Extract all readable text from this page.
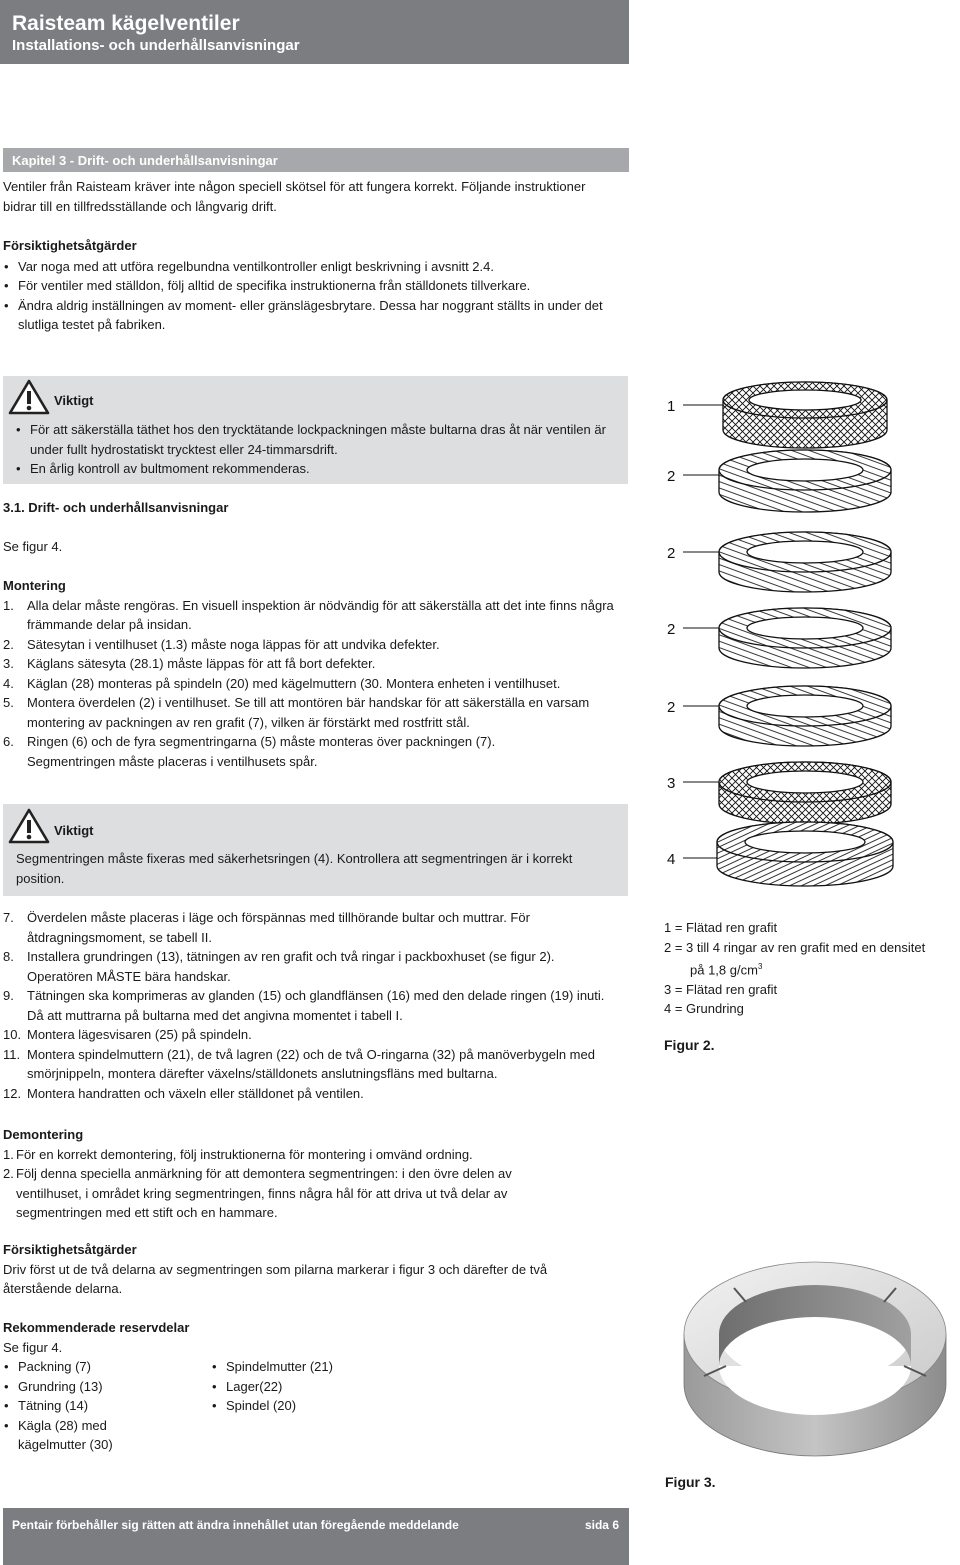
Raisteam kägelventiler
Installations- och underhållsanvisningar
Kapitel 3 - Drift- och underhållsanvisningar
Ventiler från Raisteam kräver inte någon speciell skötsel för att fungera korrekt. Följande instruktioner bidrar till en tillfredsställande och långvarig drift.
Försiktighetsåtgärder
• Var noga med att utföra regelbundna ventilkontroller enligt beskrivning i avsnitt 2.4.
• För ventiler med ställdon, följ alltid de specifika instruktionerna från ställdonets tillverkare.
• Ändra aldrig inställningen av moment- eller gränslägesbrytare. Dessa har noggrant ställts in under det slutliga testet på fabriken.
Viktigt
• För att säkerställa täthet hos den trycktätande lockpackningen måste bultarna dras åt när ventilen är under fullt hydrostatiskt trycktest eller 24-timmarsdrift.
• En årlig kontroll av bultmoment rekommenderas.
3.1. Drift- och underhållsanvisningar
Se figur 4.
Montering
1. Alla delar måste rengöras. En visuell inspektion är nödvändig för att säkerställa att det inte finns några främmande delar på insidan.
2. Sätesytan i ventilhuset (1.3) måste noga läppas för att undvika defekter.
3. Käglans sätesyta (28.1) måste läppas för att få bort defekter.
4. Käglan (28) monteras på spindeln (20) med kägelmuttern (30. Montera enheten i ventilhuset.
5. Montera överdelen (2) i ventilhuset. Se till att montören bär handskar för att säkerställa en varsam montering av packningen av ren grafit (7), vilken är förstärkt med rostfritt stål.
6. Ringen (6) och de fyra segmentringarna (5) måste monteras över packningen (7). Segmentringen måste placeras i ventilhusets spår.
Viktigt
Segmentringen måste fixeras med säkerhetsringen (4). Kontrollera att segmentringen är i korrekt position.
7. Överdelen måste placeras i läge och förspännas med tillhörande bultar och muttrar. För åtdragningsmoment, se tabell II.
8. Installera grundringen (13), tätningen av ren grafit och två ringar i packboxhuset (se figur 2). Operatören MÅSTE bära handskar.
9. Tätningen ska komprimeras av glanden (15) och glandflänsen (16) med den delade ringen (19) inuti. Då att muttrarna på bultarna med det angivna momentet i tabell I.
10. Montera lägesvisaren (25) på spindeln.
11. Montera spindelmuttern (21), de två lagren (22) och de två O-ringarna (32) på manöverbygeln med smörjnippeln, montera därefter växelns/ställdonets anslutningsfläns med bultarna.
12. Montera handratten och växeln eller ställdonet på ventilen.
Demontering
1. För en korrekt demontering, följ instruktionerna för montering i omvänd ordning.
2. Följ denna speciella anmärkning för att demontera segmentringen: i den övre delen av ventilhuset, i området kring segmentringen, finns några hål för att driva ut två delar av segmentringen med ett stift och en hammare.
Försiktighetsåtgärder
Driv först ut de två delarna av segmentringen som pilarna markerar i figur 3 och därefter de två återstående delarna.
Rekommenderade reservdelar
Se figur 4.
• Packning (7)
• Grundring (13)
• Tätning (14)
• Kägla (28) med kägelmutter (30)
• Spindelmutter (21)
• Lager(22)
• Spindel (20)
1
2
2
2
2
3
4
1 = Flätad ren grafit
2 = 3 till 4 ringar av ren grafit med en densitet
på 1,8 $g/cm^3$
3 = Flätad ren grafit
4 = Grundring
Figur 2.
Figur 3.
Pentair förbehåller sig rätten att ändra innehållet utan föregående meddelande	sida 6
